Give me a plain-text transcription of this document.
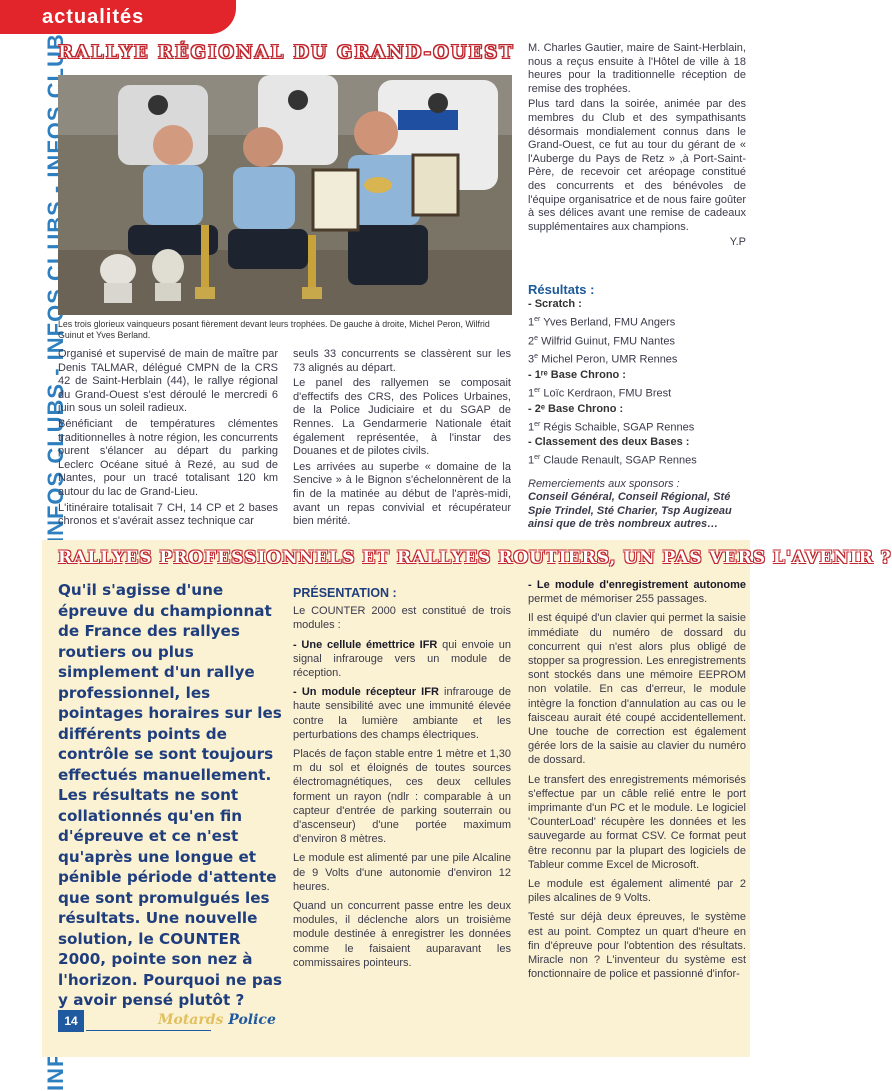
actualités
RALLYE RÉGIONAL DU GRAND-OUEST
Les trois glorieux vainqueurs posant fièrement devant leurs trophées. De gauche à droite, Michel Peron, Wilfrid Guinut et Yves Berland.

Organisé et supervisé de main de maître par Denis TALMAR, délégué CMPN de la CRS 42 de Saint-Herblain (44), le rallye régional du Grand-Ouest s'est déroulé le mercredi 6 juin sous un soleil radieux.

Bénéficiant de températures clémentes traditionnelles à notre région, les concurrents purent s'élancer au départ du parking Leclerc Océane situé à Rezé, au sud de Nantes, pour un tracé totalisant 120 km autour du lac de Grand-Lieu.

L'itinéraire totalisait 7 CH, 14 CP et 2 bases chronos et s'avérait assez technique car

seuls 33 concurrents se classèrent sur les 73 alignés au départ.

Le panel des rallyemen se composait d'effectifs des CRS, des Polices Urbaines, de la Police Judiciaire et du SGAP de Rennes. La Gendarmerie Nationale était également représentée, à l'instar des Douanes et de pilotes civils.

Les arrivées au superbe « domaine de la Sencive » à le Bignon s'échelonnèrent de la fin de la matinée au début de l'après-midi, avant un repas convivial et récupérateur bien mérité.

M. Charles Gautier, maire de Saint-Herblain, nous a reçus ensuite à l'Hôtel de ville à 18 heures pour la traditionnelle réception de remise des trophées.

Plus tard dans la soirée, animée par des membres du Club et des sympathisants désormais mondialement connus dans le Grand-Ouest, ce fut au tour du gérant de « l'Auberge du Pays de Retz » ,à Port-Saint-Père, de recevoir cet aréopage constitué des concurrents et des bénévoles de l'équipe organisatrice et de nous faire goûter à ses délices avant une remise de cadeaux supplémentaires aux champions.

Y.P

Résultats :
- Scratch :
1er Yves Berland, FMU Angers
2e Wilfrid Guinut, FMU Nantes
3e Michel Peron, UMR Rennes
- 1ʳᵉ Base Chrono :
1er Loïc Kerdraon, FMU Brest
- 2ᵉ Base Chrono :
1er Régis Schaible, SGAP Rennes
- Classement des deux Bases :
1er Claude Renault, SGAP Rennes
Remerciements aux sponsors :
Conseil Général, Conseil Régional, Sté Spie Trindel, Sté Charier, Tsp Augizeau
ainsi que de très nombreux autres…
RALLYES PROFESSIONNELS ET RALLYES ROUTIERS, UN PAS VERS L'AVENIR ?
Qu'il s'agisse d'une épreuve du championnat de France des rallyes routiers ou plus simplement d'un rallye professionnel, les pointages horaires sur les différents points de contrôle se sont toujours effectués manuellement. Les résultats ne sont collationnés qu'en fin d'épreuve et ce n'est qu'après une longue et pénible période d'attente que sont promulgués les résultats. Une nouvelle solution, le COUNTER 2000, pointe son nez à l'horizon. Pourquoi ne pas y avoir pensé plutôt ?
PRÉSENTATION :

Le COUNTER 2000 est constitué de trois modules :

- Une cellule émettrice IFR qui envoie un signal infrarouge vers un module de réception.

- Un module récepteur IFR infrarouge de haute sensibilité avec une immunité élevée contre la lumière ambiante et les perturbations des champs électriques.

Placés de façon stable entre 1 mètre et 1,30 m du sol et éloignés de toutes sources électromagnétiques, ces deux cellules forment un rayon (ndlr : comparable à un capteur d'entrée de parking souterrain ou d'ascenseur) d'une portée maximum d'environ 8 mètres.

Le module est alimenté par une pile Alcaline de 9 Volts d'une autonomie d'environ 12 heures.

Quand un concurrent passe entre les deux modules, il déclenche alors un troisième module destinée à enregistrer les données comme le faisaient auparavant les commissaires pointeurs.

- Le module d'enregistrement autonome permet de mémoriser 255 passages.

Il est équipé d'un clavier qui permet la saisie immédiate du numéro de dossard du concurrent qui n'est alors plus obligé de stopper sa progression. Les enregistrements sont stockés dans une mémoire EEPROM non volatile. En cas d'erreur, le module intègre la fonction d'annulation au cas ou le faisceau aurait été coupé accidentellement. Une touche de correction est également gérée lors de la saisie au clavier du numéro de dossard.

Le transfert des enregistrements mémorisés s'effectue par un câble relié entre le port imprimante d'un PC et le module. Le logiciel 'CounterLoad' récupère les données et les sauvegarde au format CSV. Ce format peut être reconnu par la plupart des logiciels de Tableur comme Excel de Microsoft.

Le module est également alimenté par 2 piles alcalines de 9 Volts.

Testé sur déjà deux épreuves, le système est au point. Comptez un quart d'heure en fin d'épreuve pour l'obtention des résultats. Miracle non ? L'inventeur du système est fonctionnaire de police et passionné d'infor-

14	Motards Police
